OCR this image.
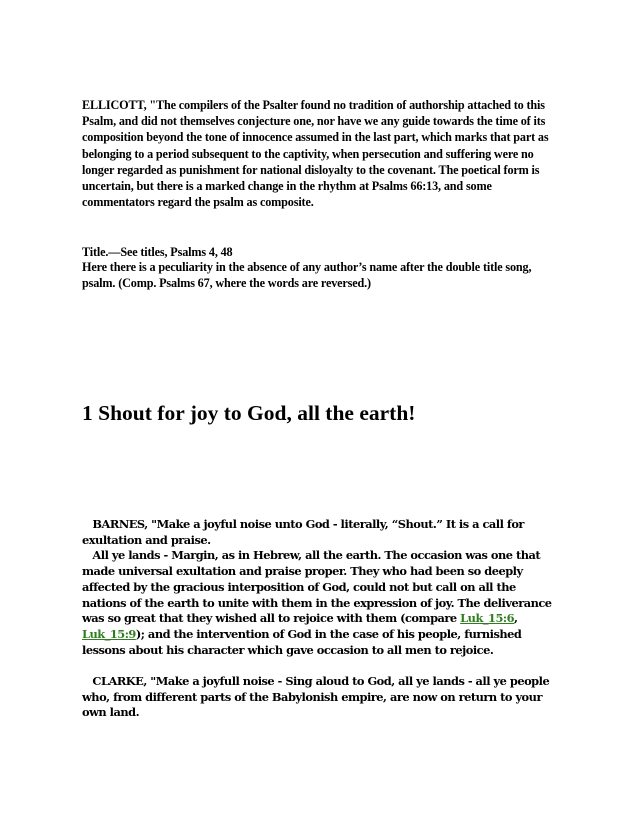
ELLICOTT, "The compilers of the Psalter found no tradition of authorship attached to this Psalm, and did not themselves conjecture one, nor have we any guide towards the time of its composition beyond the tone of innocence assumed in the last part, which marks that part as belonging to a period subsequent to the captivity, when persecution and suffering were no longer regarded as punishment for national disloyalty to the covenant. The poetical form is uncertain, but there is a marked change in the rhythm at Psalms 66:13, and some commentators regard the psalm as composite.

Title.—See titles, Psalms 4, 48

Here there is a peculiarity in the absence of any author’s name after the double title song, psalm. (Comp. Psalms 67, where the words are reversed.)

1 Shout for joy to God, all the earth!

BARNES, "Make a joyful noise unto God - literally, “Shout.” It is a call for exultation and praise.
All ye lands - Margin, as in Hebrew, all the earth. The occasion was one that made universal exultation and praise proper. They who had been so deeply affected by the gracious interposition of God, could not but call on all the nations of the earth to unite with them in the expression of joy. The deliverance was so great that they wished all to rejoice with them (compare Luk_15:6, Luk_15:9); and the intervention of God in the case of his people, furnished lessons about his character which gave occasion to all men to rejoice.

CLARKE, "Make a joyfull noise - Sing aloud to God, all ye lands - all ye people who, from different parts of the Babylonish empire, are now on return to your own land.
